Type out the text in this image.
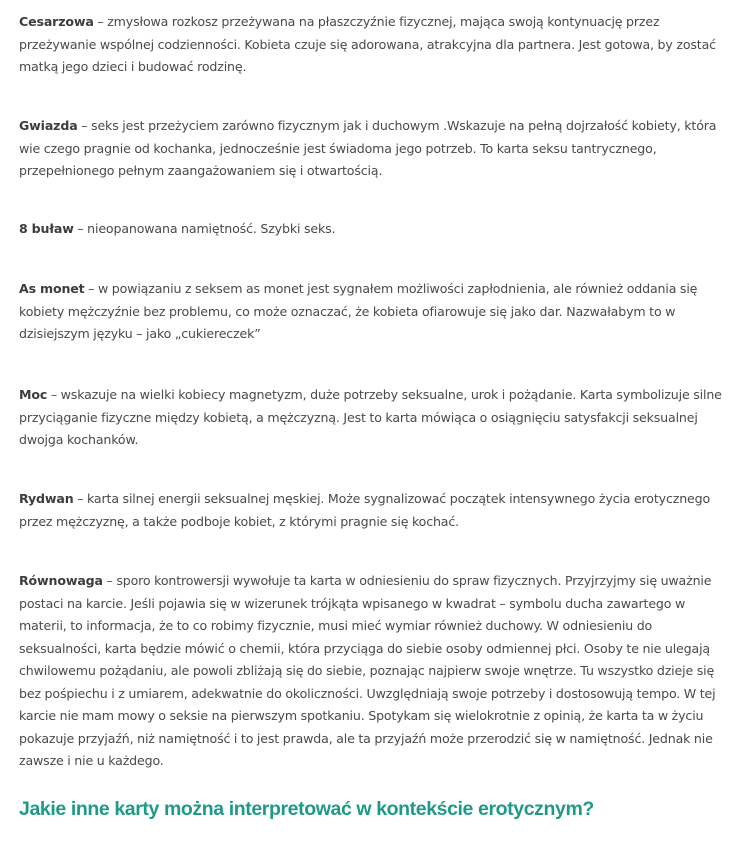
Cesarzowa – zmysłowa rozkosz przeżywana na płaszczyźnie fizycznej, mająca swoją kontynuację przez przeżywanie wspólnej codzienności. Kobieta czuje się adorowana, atrakcyjna dla partnera. Jest gotowa, by zostać matką jego dzieci i budować rodzinę.

Gwiazda – seks jest przeżyciem zarówno fizycznym jak i duchowym .Wskazuje na pełną dojrzałość kobiety, która wie czego pragnie od kochanka, jednocześnie jest świadoma jego potrzeb. To karta seksu tantrycznego, przepełnionego pełnym zaangażowaniem się i otwartością.

8 buław – nieopanowana namiętność. Szybki seks.

As monet – w powiązaniu z seksem as monet jest sygnałem możliwości zapłodnienia, ale również oddania się kobiety mężczyźnie bez problemu, co może oznaczać, że kobieta ofiarowuje się jako dar. Nazwałabym to w dzisiejszym języku – jako „cukiereczek”

Moc – wskazuje na wielki kobiecy magnetyzm, duże potrzeby seksualne, urok i pożądanie. Karta symbolizuje silne przyciąganie fizyczne między kobietą, a mężczyzną. Jest to karta mówiąca o osiągnięciu satysfakcji seksualnej dwojga kochanków.

Rydwan – karta silnej energii seksualnej męskiej. Może sygnalizować początek intensywnego życia erotycznego przez mężczyznę, a także podboje kobiet, z którymi pragnie się kochać.

Równowaga – sporo kontrowersji wywołuje ta karta w odniesieniu do spraw fizycznych. Przyjrzyjmy się uważnie postaci na karcie. Jeśli pojawia się w wizerunek trójkąta wpisanego w kwadrat – symbolu ducha zawartego w materii, to informacja, że to co robimy fizycznie, musi mieć wymiar również duchowy. W odniesieniu do seksualności, karta będzie mówić o chemii, która przyciąga do siebie osoby odmiennej płci. Osoby te nie ulegają chwilowemu pożądaniu, ale powoli zbliżają się do siebie, poznając najpierw swoje wnętrze. Tu wszystko dzieje się bez pośpiechu i z umiarem, adekwatnie do okoliczności. Uwzględniają swoje potrzeby i dostosowują tempo. W tej karcie nie mam mowy o seksie na pierwszym spotkaniu. Spotykam się wielokrotnie z opinią, że karta ta w życiu pokazuje przyjaźń, niż namiętność i to jest prawda, ale ta przyjaźń może przerodzić się w namiętność. Jednak nie zawsze i nie u każdego.

Jakie inne karty można interpretować w kontekście erotycznym?
